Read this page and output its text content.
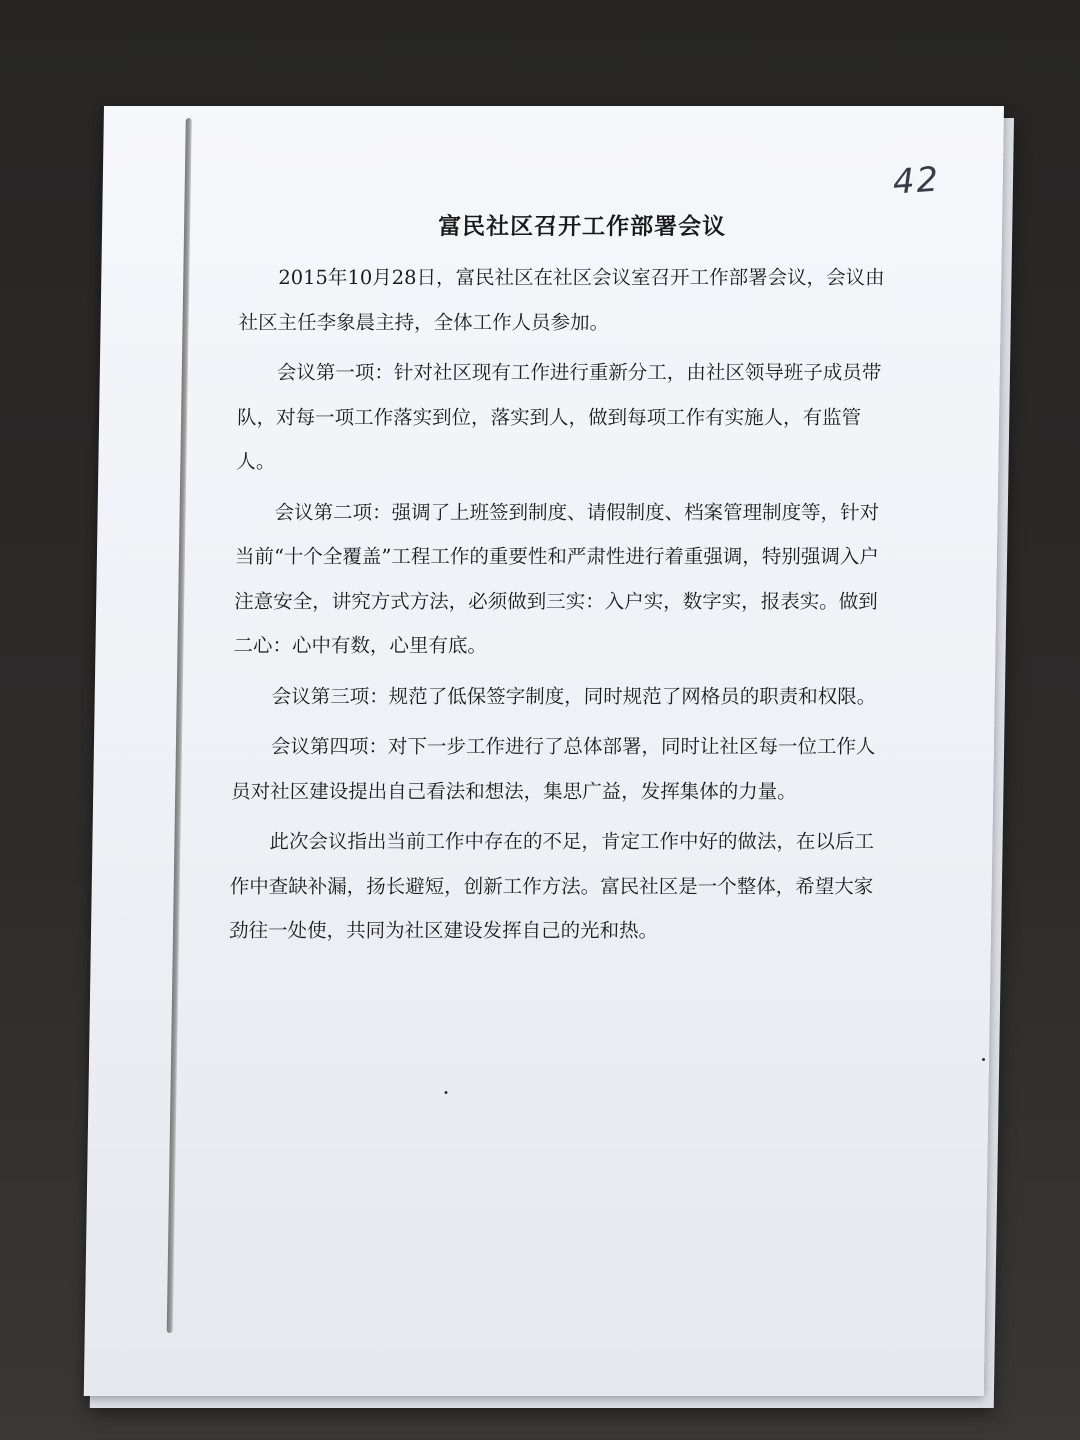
42
富民社区召开工作部署会议

2015年10月28日，富民社区在社区会议室召开工作部署会议，会议由社区主任李象晨主持，全体工作人员参加。

会议第一项：针对社区现有工作进行重新分工，由社区领导班子成员带队，对每一项工作落实到位，落实到人，做到每项工作有实施人，有监管人。

会议第二项：强调了上班签到制度、请假制度、档案管理制度等，针对当前“十个全覆盖”工程工作的重要性和严肃性进行着重强调，特别强调入户注意安全，讲究方式方法，必须做到三实：入户实，数字实，报表实。做到二心：心中有数，心里有底。

会议第三项：规范了低保签字制度，同时规范了网格员的职责和权限。

会议第四项：对下一步工作进行了总体部署，同时让社区每一位工作人员对社区建设提出自己看法和想法，集思广益，发挥集体的力量。

此次会议指出当前工作中存在的不足，肯定工作中好的做法，在以后工作中查缺补漏，扬长避短，创新工作方法。富民社区是一个整体，希望大家劲往一处使，共同为社区建设发挥自己的光和热。
